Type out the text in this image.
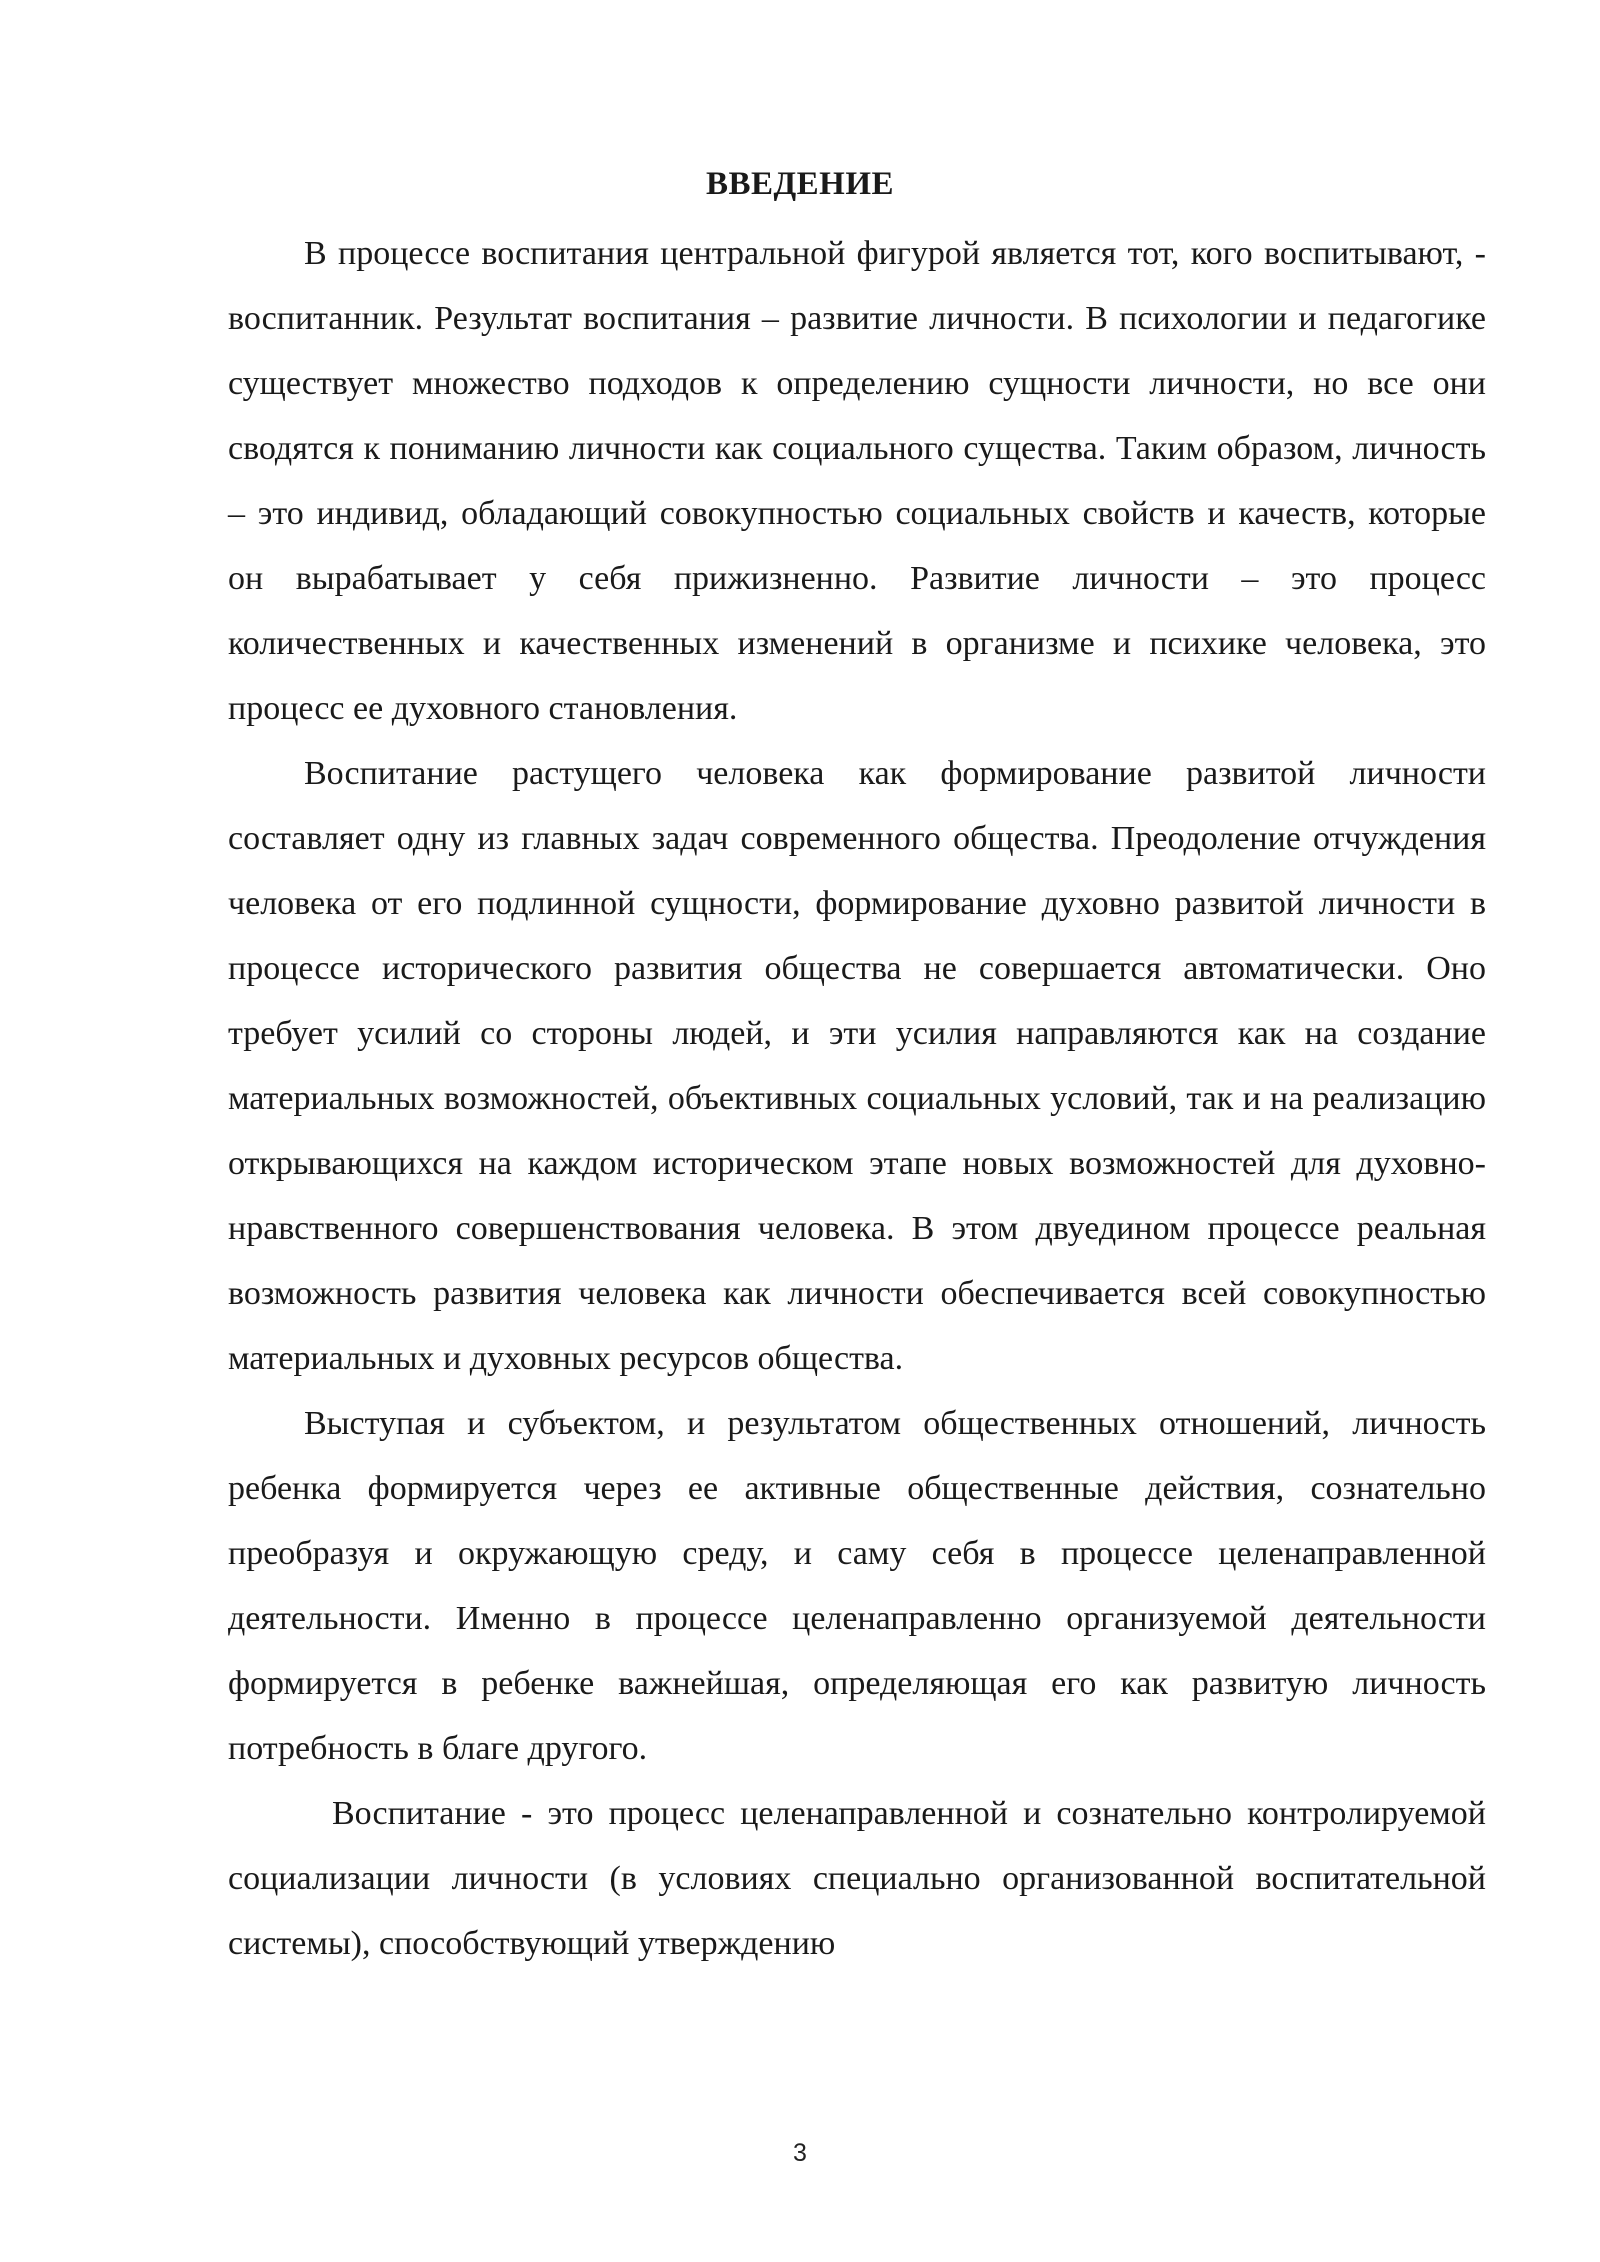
ВВЕДЕНИЕ

В процессе воспитания центральной фигурой является тот, кого воспитывают, - воспитанник. Результат воспитания – развитие личности. В психологии и педагогике существует множество подходов к определению сущности личности, но все они сводятся к пониманию личности как социального существа. Таким образом, личность – это индивид, обладающий совокупностью социальных свойств и качеств, которые он вырабатывает у себя прижизненно. Развитие личности – это процесс количественных и качественных изменений в организме и психике человека, это процесс ее духовного становления.

Воспитание растущего человека как формирование развитой личности составляет одну из главных задач современного общества. Преодоление отчуждения человека от его подлинной сущности, формирование духовно развитой личности в процессе исторического развития общества не совершается автоматически. Оно требует усилий со стороны людей, и эти усилия направляются как на создание материальных возможностей, объективных социальных условий, так и на реализацию открывающихся на каждом историческом этапе новых возможностей для духовно-нравственного совершенствования человека. В этом двуедином процессе реальная возможность развития человека как личности обеспечивается всей совокупностью материальных и духовных ресурсов общества.

Выступая и субъектом, и результатом общественных отношений, личность ребенка формируется через ее активные общественные действия, сознательно преобразуя и окружающую среду, и саму себя в процессе целенаправленной деятельности. Именно в процессе целенаправленно организуемой деятельности формируется в ребенке важнейшая, определяющая его как развитую личность потребность в благе другого.

Воспитание - это процесс целенаправленной и сознательно контролируемой социализации личности (в условиях специально организованной воспитательной системы), способствующий утверждению

3
